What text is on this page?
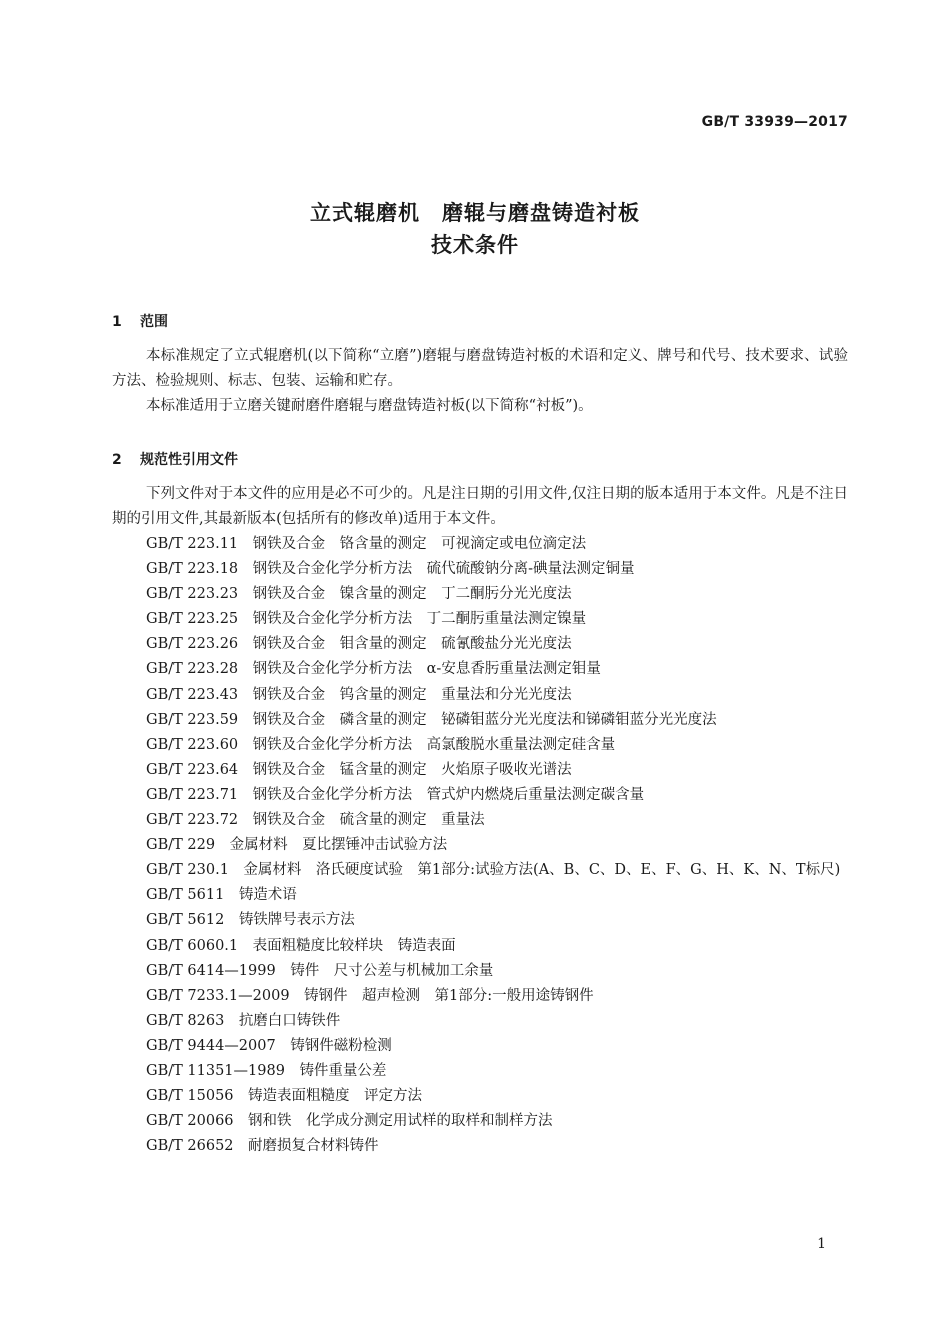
GB/T 33939—2017
立式辊磨机　磨辊与磨盘铸造衬板
技术条件
1 范围

本标准规定了立式辊磨机(以下简称“立磨”)磨辊与磨盘铸造衬板的术语和定义、牌号和代号、技术要求、试验方法、检验规则、标志、包装、运输和贮存。

本标准适用于立磨关键耐磨件磨辊与磨盘铸造衬板(以下简称“衬板”)。

2 规范性引用文件

下列文件对于本文件的应用是必不可少的。凡是注日期的引用文件,仅注日期的版本适用于本文件。凡是不注日期的引用文件,其最新版本(包括所有的修改单)适用于本文件。

GB/T 223.11 钢铁及合金　铬含量的测定　可视滴定或电位滴定法
GB/T 223.18 钢铁及合金化学分析方法　硫代硫酸钠分离-碘量法测定铜量
GB/T 223.23 钢铁及合金　镍含量的测定　丁二酮肟分光光度法
GB/T 223.25 钢铁及合金化学分析方法　丁二酮肟重量法测定镍量
GB/T 223.26 钢铁及合金　钼含量的测定　硫氰酸盐分光光度法
GB/T 223.28 钢铁及合金化学分析方法　α-安息香肟重量法测定钼量
GB/T 223.43 钢铁及合金　钨含量的测定　重量法和分光光度法
GB/T 223.59 钢铁及合金　磷含量的测定　铋磷钼蓝分光光度法和锑磷钼蓝分光光度法
GB/T 223.60 钢铁及合金化学分析方法　高氯酸脱水重量法测定硅含量
GB/T 223.64 钢铁及合金　锰含量的测定　火焰原子吸收光谱法
GB/T 223.71 钢铁及合金化学分析方法　管式炉内燃烧后重量法测定碳含量
GB/T 223.72 钢铁及合金　硫含量的测定　重量法
GB/T 229 金属材料　夏比摆锤冲击试验方法
GB/T 230.1 金属材料　洛氏硬度试验　第1部分:试验方法(A、B、C、D、E、F、G、H、K、N、T标尺)
GB/T 5611 铸造术语
GB/T 5612 铸铁牌号表示方法
GB/T 6060.1 表面粗糙度比较样块　铸造表面
GB/T 6414—1999 铸件　尺寸公差与机械加工余量
GB/T 7233.1—2009 铸钢件　超声检测　第1部分:一般用途铸钢件
GB/T 8263 抗磨白口铸铁件
GB/T 9444—2007 铸钢件磁粉检测
GB/T 11351—1989 铸件重量公差
GB/T 15056 铸造表面粗糙度　评定方法
GB/T 20066 钢和铁　化学成分测定用试样的取样和制样方法
GB/T 26652 耐磨损复合材料铸件
1
